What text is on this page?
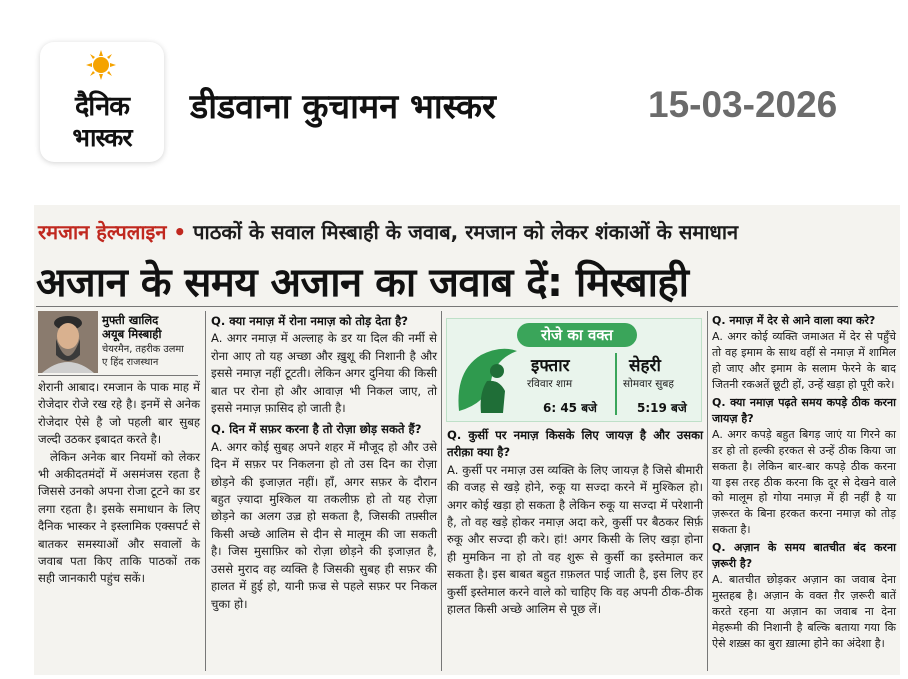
दैनिक
भास्कर
डीडवाना कुचामन भास्कर	15-03-2026
रमजान हेल्पलाइन • पाठकों के सवाल मिस्बाही के जवाब, रमजान को लेकर शंकाओं के समाधान
अजान के समय अजान का जवाब दें: मिस्बाही
मुफ्ती खालिद
अयूब मिस्बाही
चेयरमैन, तहरीक उलमा
ए हिंद राजस्थान

शेरानी आबाद। रमजान के पाक माह में रोजेदार रोजे रख रहे है। इनमें से अनेक रोजेदार ऐसे है जो पहली बार सुबह जल्दी उठकर इबादत करते है।

लेकिन अनेक बार नियमों को लेकर भी अकीदतमंदों में असमंजस रहता है जिससे उनको अपना रोजा टूटने का डर लगा रहता है। इसके समाधान के लिए दैनिक भास्कर ने इस्लामिक एक्सपर्ट से बातकर समस्याओं और सवालों के जवाब पता किए ताकि पाठकों तक सही जानकारी पहुंच सकें।

Q. क्या नमाज़ में रोना नमाज़ को तोड़ देता है?

A. अगर नमाज़ में अल्लाह के डर या दिल की नर्मी से रोना आए तो यह अच्छा और ख़ुशू की निशानी है और इससे नमाज़ नहीं टूटती। लेकिन अगर दुनिया की किसी बात पर रोना हो और आवाज़ भी निकल जाए, तो इससे नमाज़ फ़ासिद हो जाती है।

Q. दिन में सफ़र करना है तो रोज़ा छोड़ सकते हैं?

A. अगर कोई सुबह अपने शहर में मौजूद हो और उसे दिन में सफ़र पर निकलना हो तो उस दिन का रोज़ा छोड़ने की इजाज़त नहीं। हाँ, अगर सफ़र के दौरान बहुत ज़्यादा मुश्किल या तकलीफ़ हो तो यह रोज़ा छोड़ने का अलग उज़्र हो सकता है, जिसकी तफ़्सील किसी अच्छे आलिम से दीन से मालूम की जा सकती है। जिस मुसाफ़िर को रोज़ा छोड़ने की इजाज़त है, उससे मुराद वह व्यक्ति है जिसकी सुबह ही सफ़र की हालत में हुई हो, यानी फ़ज्र से पहले सफ़र पर निकल चुका हो।

रोजे का वक्त
इफ्तार
रविवार शाम
6: 45 बजे
सेहरी
सोमवार सुबह
5:19 बजे

Q. कुर्सी पर नमाज़ किसके लिए जायज़ है और उसका तरीक़ा क्या है?

A. कुर्सी पर नमाज़ उस व्यक्ति के लिए जायज़ है जिसे बीमारी की वजह से खड़े होने, रुकू या सज्दा करने में मुश्किल हो। अगर कोई खड़ा हो सकता है लेकिन रुकू या सज्दा में परेशानी है, तो वह खड़े होकर नमाज़ अदा करे, कुर्सी पर बैठकर सिर्फ़ रुकू और सज्दा ही करे। हां! अगर किसी के लिए खड़ा होना ही मुमकिन ना हो तो वह शुरू से कुर्सी का इस्तेमाल कर सकता है। इस बाबत बहुत ग़फ़लत पाई जाती है, इस लिए हर कुर्सी इस्तेमाल करने वाले को चाहिए कि वह अपनी ठीक-ठीक हालत किसी अच्छे आलिम से पूछ लें।

Q. नमाज़ में देर से आने वाला क्या करे?

A. अगर कोई व्यक्ति जमाअत में देर से पहुँचे तो वह इमाम के साथ वहीं से नमाज़ में शामिल हो जाए और इमाम के सलाम फेरने के बाद जितनी रकअतें छूटी हों, उन्हें खड़ा हो पूरी करे।

Q. क्या नमाज़ पढ़ते समय कपड़े ठीक करना जायज़ है?

A. अगर कपड़े बहुत बिगड़ जाएं या गिरने का डर हो तो हल्की हरकत से उन्हें ठीक किया जा सकता है। लेकिन बार-बार कपड़े ठीक करना या इस तरह ठीक करना कि दूर से देखने वाले को मालूम हो गोया नमाज़ में ही नहीं है या ज़रूरत के बिना हरकत करना नमाज़ को तोड़ सकता है।

Q. अज़ान के समय बातचीत बंद करना ज़रूरी है?

A. बातचीत छोड़कर अज़ान का जवाब देना मुस्तहब है। अज़ान के वक्त ग़ैर ज़रूरी बातें करते रहना या अज़ान का जवाब ना देना मेहरूमी की निशानी है बल्कि बताया गया कि ऐसे शख़्स का बुरा ख़ात्मा होने का अंदेशा है।
